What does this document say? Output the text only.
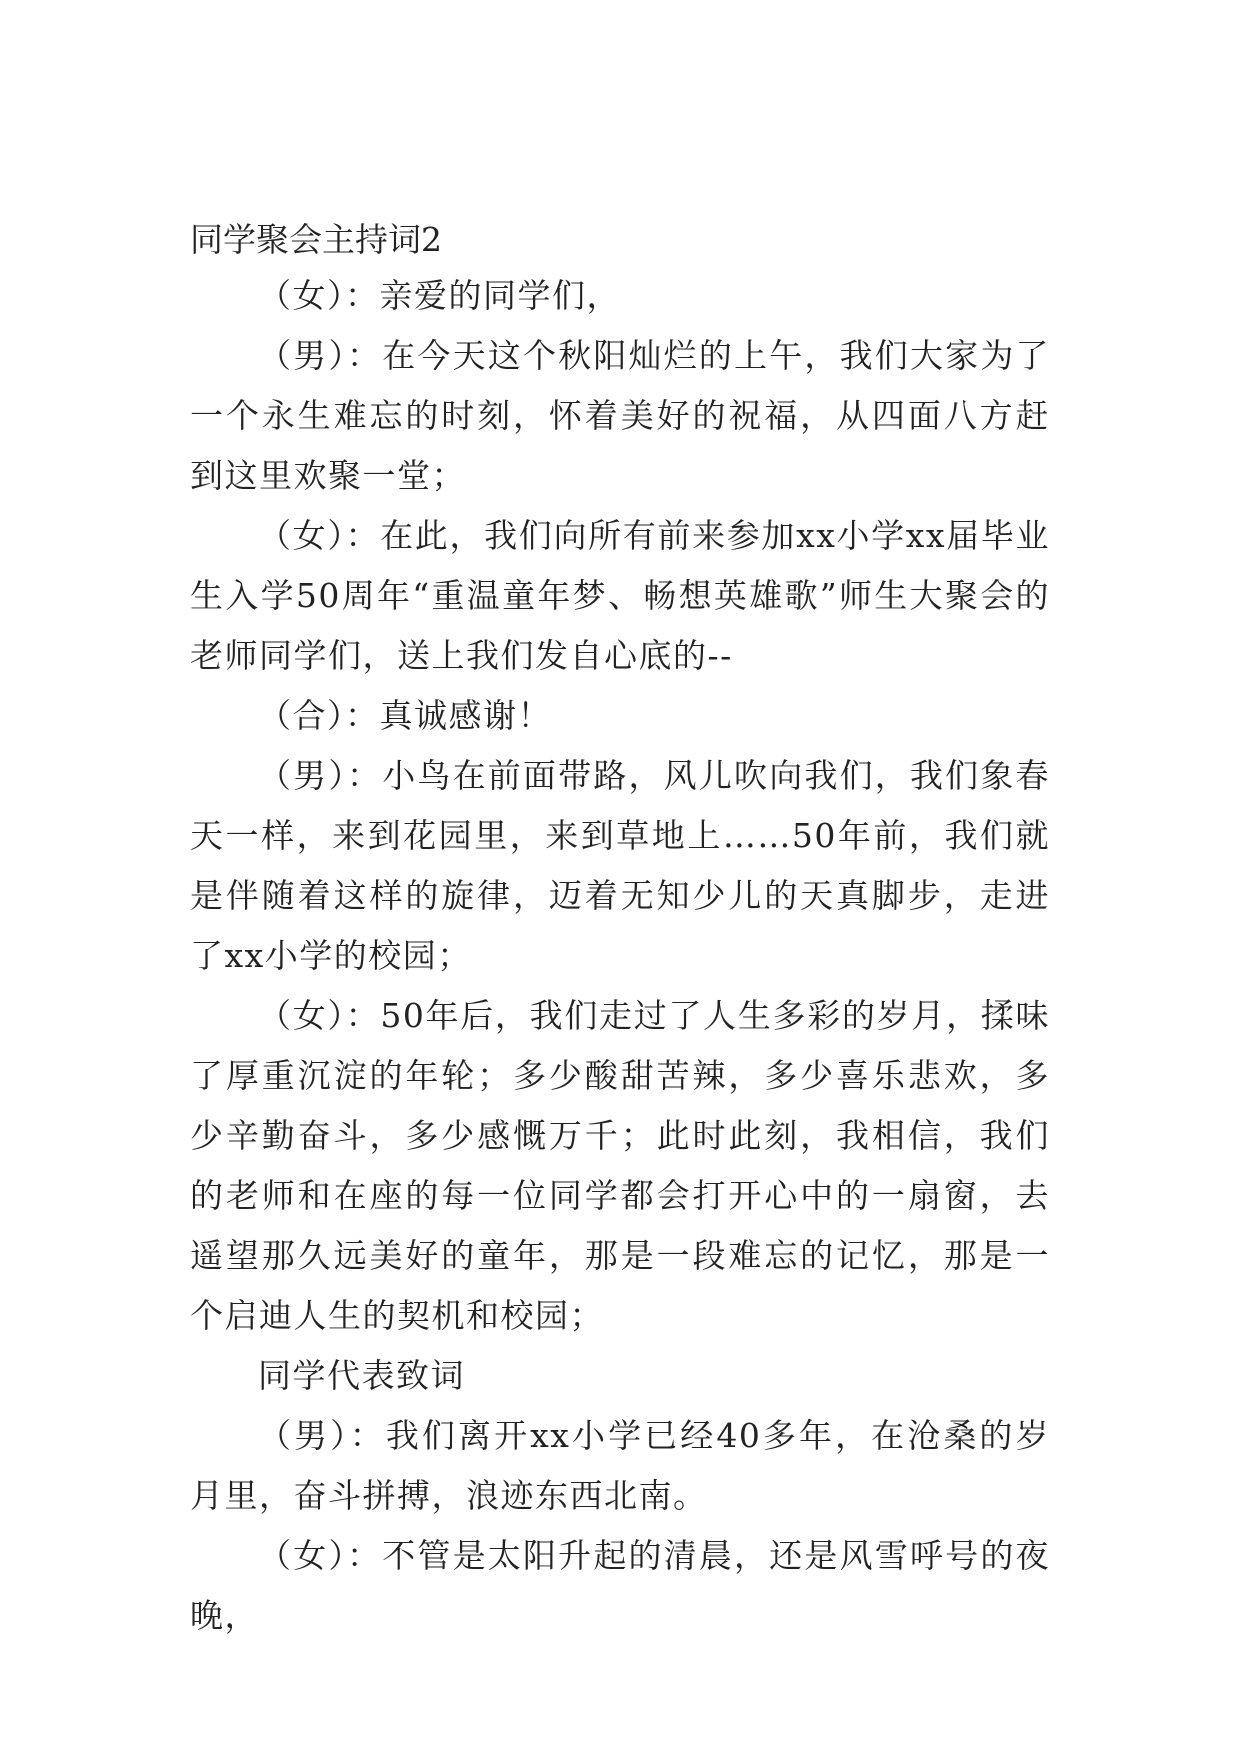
同学聚会主持词2

（女）：亲爱的同学们，

（男）：在今天这个秋阳灿烂的上午，我们大家为了一个永生难忘的时刻，怀着美好的祝福，从四面八方赶到这里欢聚一堂；

（女）：在此，我们向所有前来参加xx小学xx届毕业生入学50周年“重温童年梦、畅想英雄歌”师生大聚会的老师同学们，送上我们发自心底的--

（合）：真诚感谢！

（男）：小鸟在前面带路，风儿吹向我们，我们象春天一样，来到花园里，来到草地上……50年前，我们就是伴随着这样的旋律，迈着无知少儿的天真脚步，走进了xx小学的校园；

（女）：50年后，我们走过了人生多彩的岁月，揉味了厚重沉淀的年轮；多少酸甜苦辣，多少喜乐悲欢，多少辛勤奋斗，多少感慨万千；此时此刻，我相信，我们的老师和在座的每一位同学都会打开心中的一扇窗，去遥望那久远美好的童年，那是一段难忘的记忆，那是一个启迪人生的契机和校园；

同学代表致词

（男）：我们离开xx小学已经40多年，在沧桑的岁月里，奋斗拼搏，浪迹东西北南。

（女）：不管是太阳升起的清晨，还是风雪呼号的夜晚，
